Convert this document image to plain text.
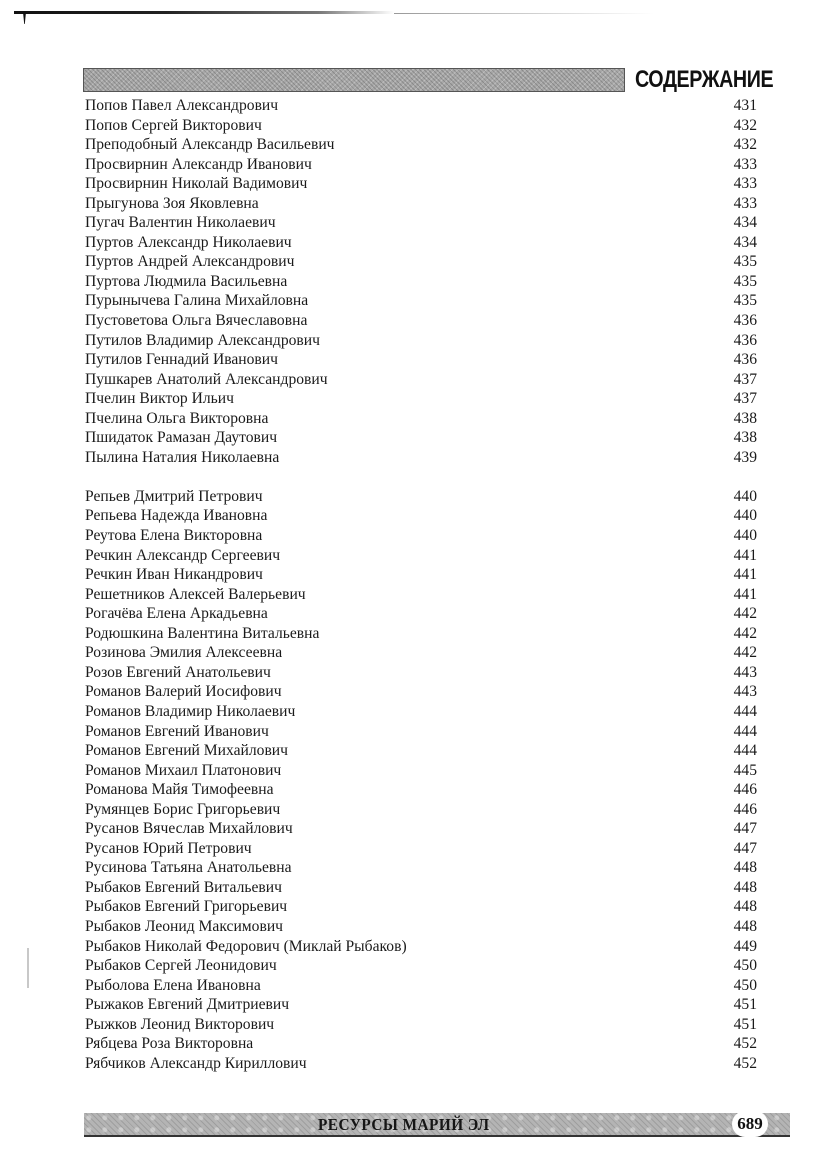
СОДЕРЖАНИЕ
Попов Павел Александрович	431
Попов Сергей Викторович	432
Преподобный Александр Васильевич	432
Просвирнин Александр Иванович	433
Просвирнин Николай Вадимович	433
Прыгунова Зоя Яковлевна	433
Пугач Валентин Николаевич	434
Пуртов Александр Николаевич	434
Пуртов Андрей Александрович	435
Пуртова Людмила Васильевна	435
Пурынычева Галина Михайловна	435
Пустоветова Ольга Вячеславовна	436
Путилов Владимир Александрович	436
Путилов Геннадий Иванович	436
Пушкарев Анатолий Александрович	437
Пчелин Виктор Ильич	437
Пчелина Ольга Викторовна	438
Пшидаток Рамазан Даутович	438
Пылина Наталия Николаевна	439
Репьев Дмитрий Петрович	440
Репьева Надежда Ивановна	440
Реутова Елена Викторовна	440
Речкин Александр Сергеевич	441
Речкин Иван Никандрович	441
Решетников Алексей Валерьевич	441
Рогачёва Елена Аркадьевна	442
Родюшкина Валентина Витальевна	442
Розинова Эмилия Алексеевна	442
Розов Евгений Анатольевич	443
Романов Валерий Иосифович	443
Романов Владимир Николаевич	444
Романов Евгений Иванович	444
Романов Евгений Михайлович	444
Романов Михаил Платонович	445
Романова Майя Тимофеевна	446
Румянцев Борис Григорьевич	446
Русанов Вячеслав Михайлович	447
Русанов Юрий Петрович	447
Русинова Татьяна Анатольевна	448
Рыбаков Евгений Витальевич	448
Рыбаков Евгений Григорьевич	448
Рыбаков Леонид Максимович	448
Рыбаков Николай Федорович (Миклай Рыбаков)	449
Рыбаков Сергей Леонидович	450
Рыболова Елена Ивановна	450
Рыжаков Евгений Дмитриевич	451
Рыжков Леонид Викторович	451
Рябцева Роза Викторовна	452
Рябчиков Александр Кириллович	452
РЕСУРСЫ МАРИЙ ЭЛ	689
